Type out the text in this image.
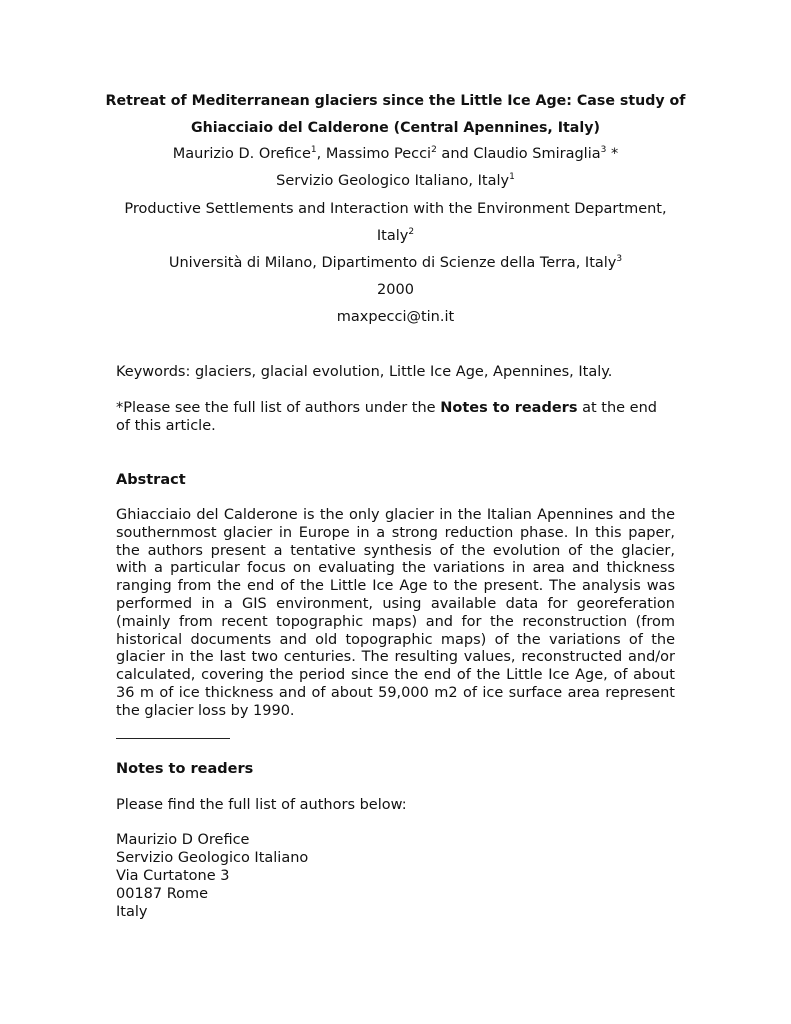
Retreat of Mediterranean glaciers since the Little Ice Age: Case study of
Ghiacciaio del Calderone (Central Apennines, Italy)
Maurizio D. Orefice$^1$, Massimo Pecci$^2$ and Claudio Smiraglia$^3$ *
Servizio Geologico Italiano, Italy$^1$
Productive Settlements and Interaction with the Environment Department,
Italy$^2$
Università di Milano, Dipartimento di Scienze della Terra, Italy$^3$
2000
maxpecci@tin.it
Keywords: glaciers, glacial evolution, Little Ice Age, Apennines, Italy.
*Please see the full list of authors under the Notes to readers at the end of this article.
Abstract
Ghiacciaio del Calderone is the only glacier in the Italian Apennines and the southernmost glacier in Europe in a strong reduction phase. In this paper, the authors present a tentative synthesis of the evolution of the glacier, with a particular focus on evaluating the variations in area and thickness ranging from the end of the Little Ice Age to the present. The analysis was performed in a GIS environment, using available data for georeferation (mainly from recent topographic maps) and for the reconstruction (from historical documents and old topographic maps) of the variations of the glacier in the last two centuries. The resulting values, reconstructed and/or calculated, covering the period since the end of the Little Ice Age, of about 36 m of ice thickness and of about 59,000 m2 of ice surface area represent the glacier loss by 1990.
Notes to readers
Please find the full list of authors below:
Maurizio D Orefice
Servizio Geologico Italiano
Via Curtatone 3
00187 Rome
Italy
